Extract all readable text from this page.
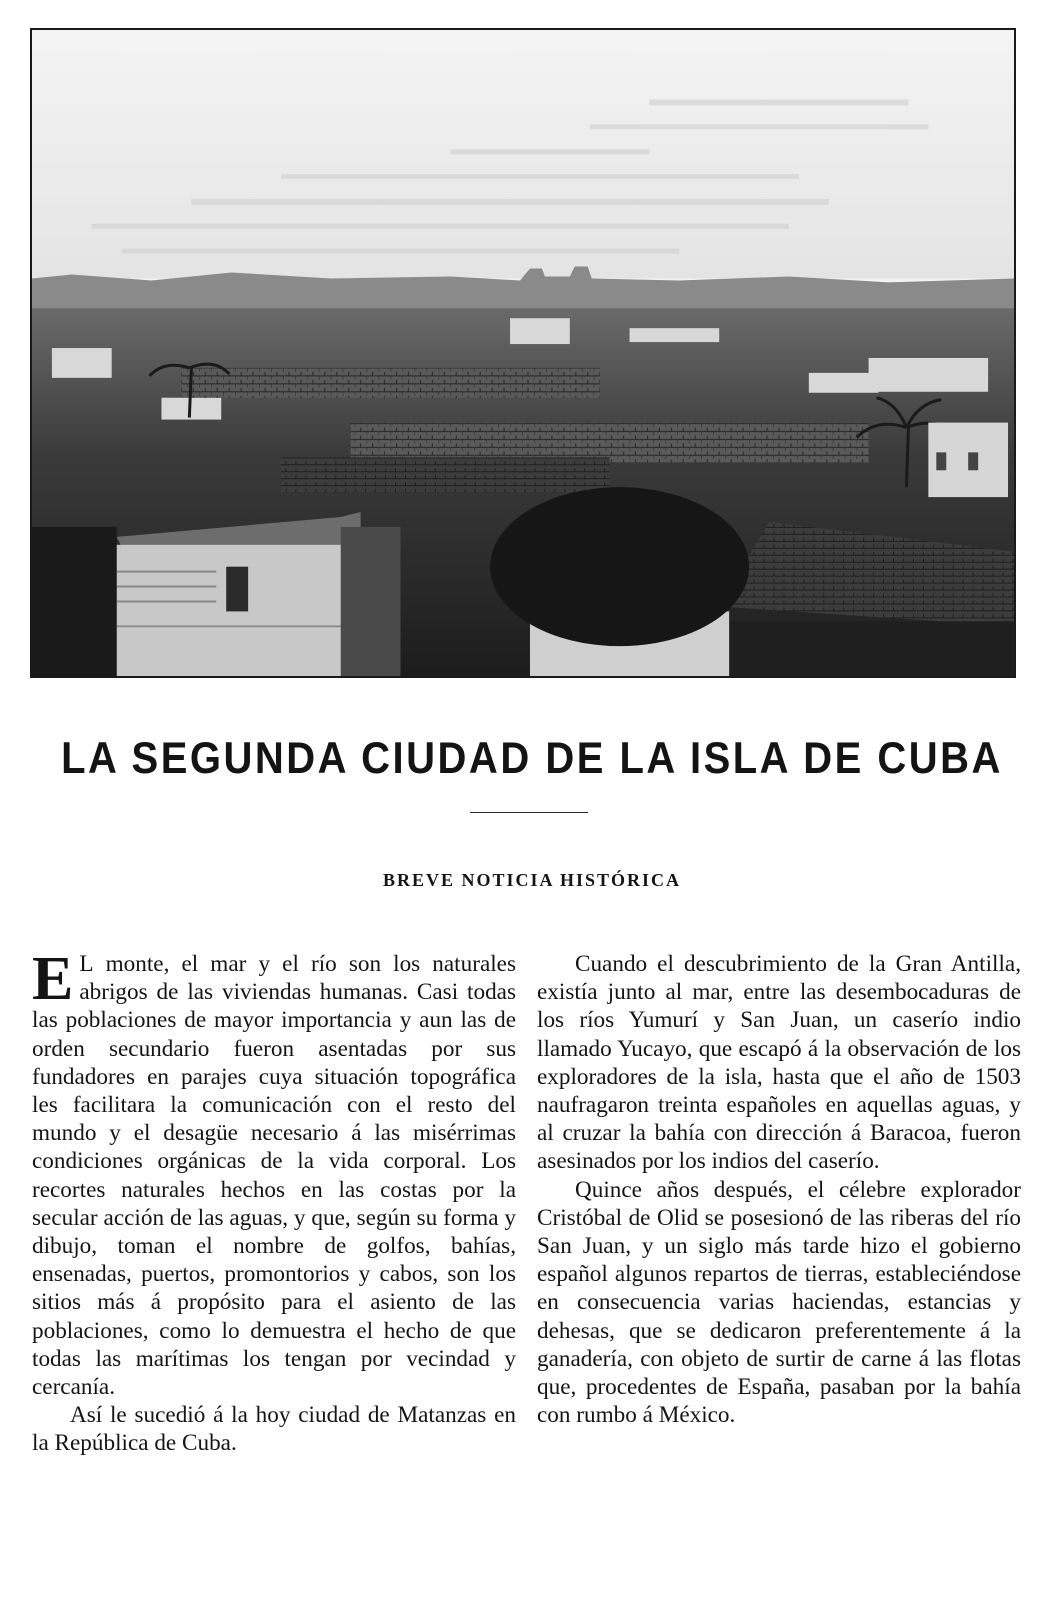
LA SEGUNDA CIUDAD DE LA ISLA DE CUBA
BREVE NOTICIA HISTÓRICA

E L monte, el mar y el río son los naturales abrigos de las viviendas humanas. Casi todas las poblaciones de mayor importancia y aun las de orden secundario fueron asentadas por sus fundadores en parajes cuya situación topográfica les facilitara la comunicación con el resto del mundo y el desagüe necesario á las misérrimas condiciones orgánicas de la vida corporal. Los recortes naturales hechos en las costas por la secular acción de las aguas, y que, según su forma y dibujo, toman el nombre de golfos, bahías, ensenadas, puertos, promontorios y cabos, son los sitios más á propósito para el asiento de las poblaciones, como lo demuestra el hecho de que todas las marítimas los tengan por vecindad y cercanía.

Así le sucedió á la hoy ciudad de Matanzas en la República de Cuba.

Cuando el descubrimiento de la Gran Antilla, existía junto al mar, entre las desembocaduras de los ríos Yumurí y San Juan, un caserío indio llamado Yucayo, que escapó á la observación de los exploradores de la isla, hasta que el año de 1503 naufragaron treinta españoles en aquellas aguas, y al cruzar la bahía con dirección á Baracoa, fueron asesinados por los indios del caserío.

Quince años después, el célebre explorador Cristóbal de Olid se posesionó de las riberas del río San Juan, y un siglo más tarde hizo el gobierno español algunos repartos de tierras, estableciéndose en consecuencia varias haciendas, estancias y dehesas, que se dedicaron preferentemente á la ganadería, con objeto de surtir de carne á las flotas que, procedentes de España, pasaban por la bahía con rumbo á México.
